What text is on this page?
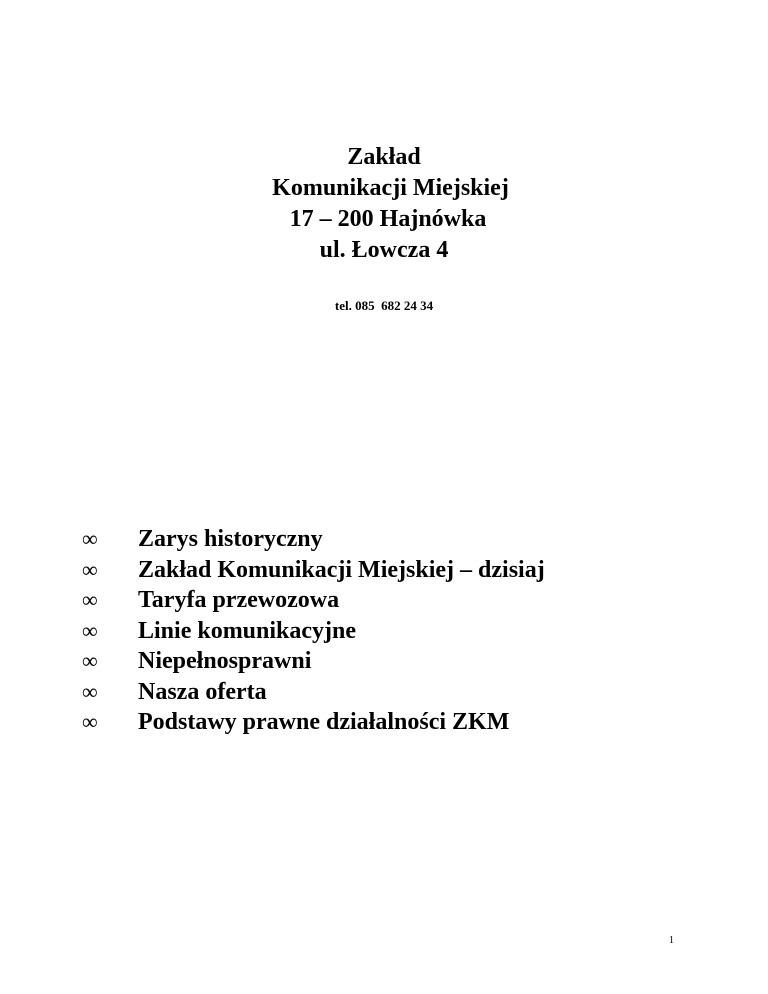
Zakład
Komunikacji Miejskiej
17 – 200 Hajnówka
ul. Łowcza 4
tel. 085  682 24 34
∞	Zarys historyczny
∞	Zakład Komunikacji Miejskiej – dzisiaj
∞	Taryfa przewozowa
∞	Linie komunikacyjne
∞	Niepełnosprawni
∞	Nasza oferta
∞	Podstawy prawne działalności ZKM
1
